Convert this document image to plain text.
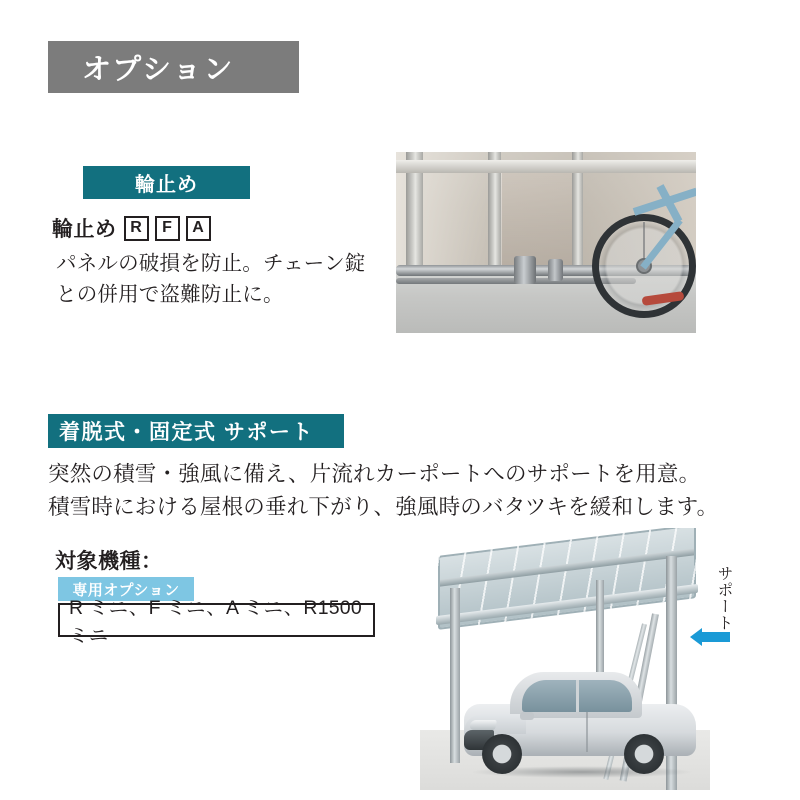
オプション
輪止め
輪止め R	F	A
パネルの破損を防止。チェーン錠との併用で盗難防止に。
着脱式・固定式 サポート
突然の積雪・強風に備え、片流れカーポートへのサポートを用意。
積雪時における屋根の垂れ下がり、強風時のバタツキを緩和します。
対象機種：
専用オプション
R ミニ、F ミニ、A ミニ、R1500 ミニ
サポート
